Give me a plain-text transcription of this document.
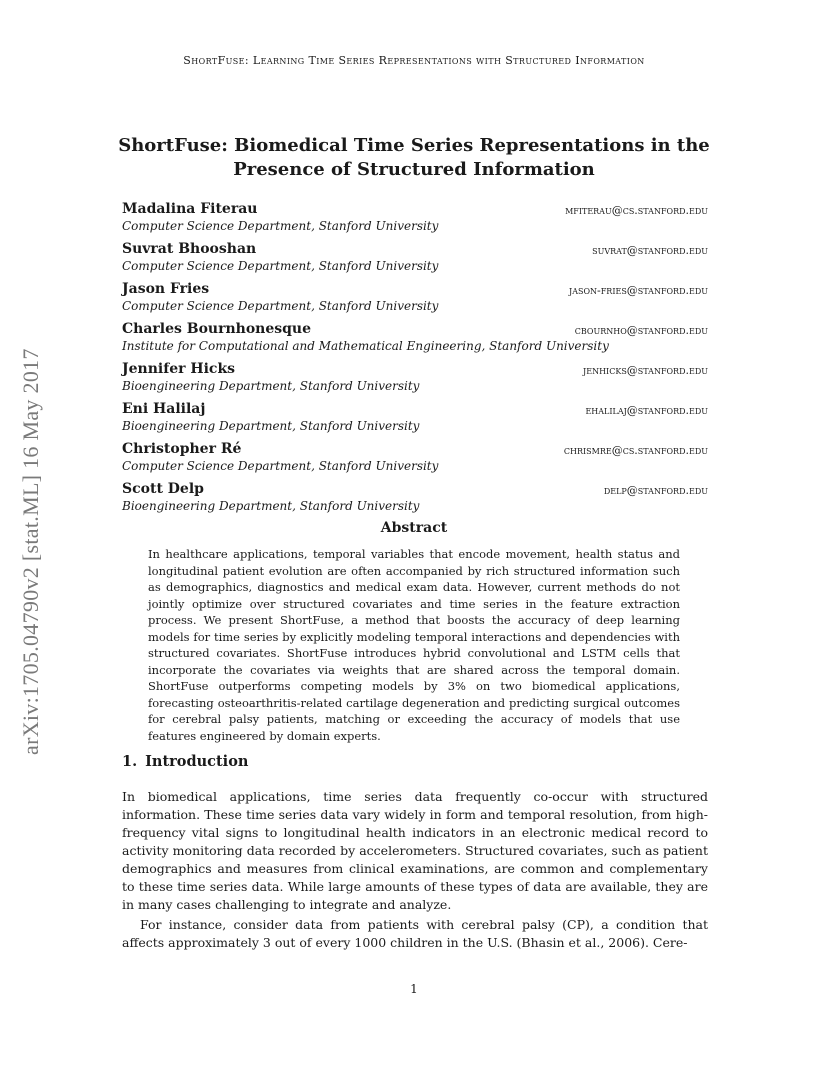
ShortFuse: Learning Time Series Representations with Structured Information
arXiv:1705.04790v2 [stat.ML] 16 May 2017
ShortFuse: Biomedical Time Series Representations in the
Presence of Structured Information
Madalina Fiterau	mfiterau@cs.stanford.edu
Computer Science Department, Stanford University
Suvrat Bhooshan	suvrat@stanford.edu
Computer Science Department, Stanford University
Jason Fries	jason-fries@stanford.edu
Computer Science Department, Stanford University
Charles Bournhonesque	cbournho@stanford.edu
Institute for Computational and Mathematical Engineering, Stanford University
Jennifer Hicks	jenhicks@stanford.edu
Bioengineering Department, Stanford University
Eni Halilaj	ehalilaj@stanford.edu
Bioengineering Department, Stanford University
Christopher Ré	chrismre@cs.stanford.edu
Computer Science Department, Stanford University
Scott Delp	delp@stanford.edu
Bioengineering Department, Stanford University
Abstract
In healthcare applications, temporal variables that encode movement, health status and longitudinal patient evolution are often accompanied by rich structured information such as demographics, diagnostics and medical exam data. However, current methods do not jointly optimize over structured covariates and time series in the feature extraction process. We present ShortFuse, a method that boosts the accuracy of deep learning models for time series by explicitly modeling temporal interactions and dependencies with structured covariates. ShortFuse introduces hybrid convolutional and LSTM cells that incorporate the covariates via weights that are shared across the temporal domain. ShortFuse outperforms competing models by 3% on two biomedical applications, forecasting osteoarthritis-related cartilage degeneration and predicting surgical outcomes for cerebral palsy patients, matching or exceeding the accuracy of models that use features engineered by domain experts.
1. Introduction

In biomedical applications, time series data frequently co-occur with structured information. These time series data vary widely in form and temporal resolution, from high-frequency vital signs to longitudinal health indicators in an electronic medical record to activity monitoring data recorded by accelerometers. Structured covariates, such as patient demographics and measures from clinical examinations, are common and complementary to these time series data. While large amounts of these types of data are available, they are in many cases challenging to integrate and analyze.

For instance, consider data from patients with cerebral palsy (CP), a condition that affects approximately 3 out of every 1000 children in the U.S. (Bhasin et al., 2006). Cere-

1
